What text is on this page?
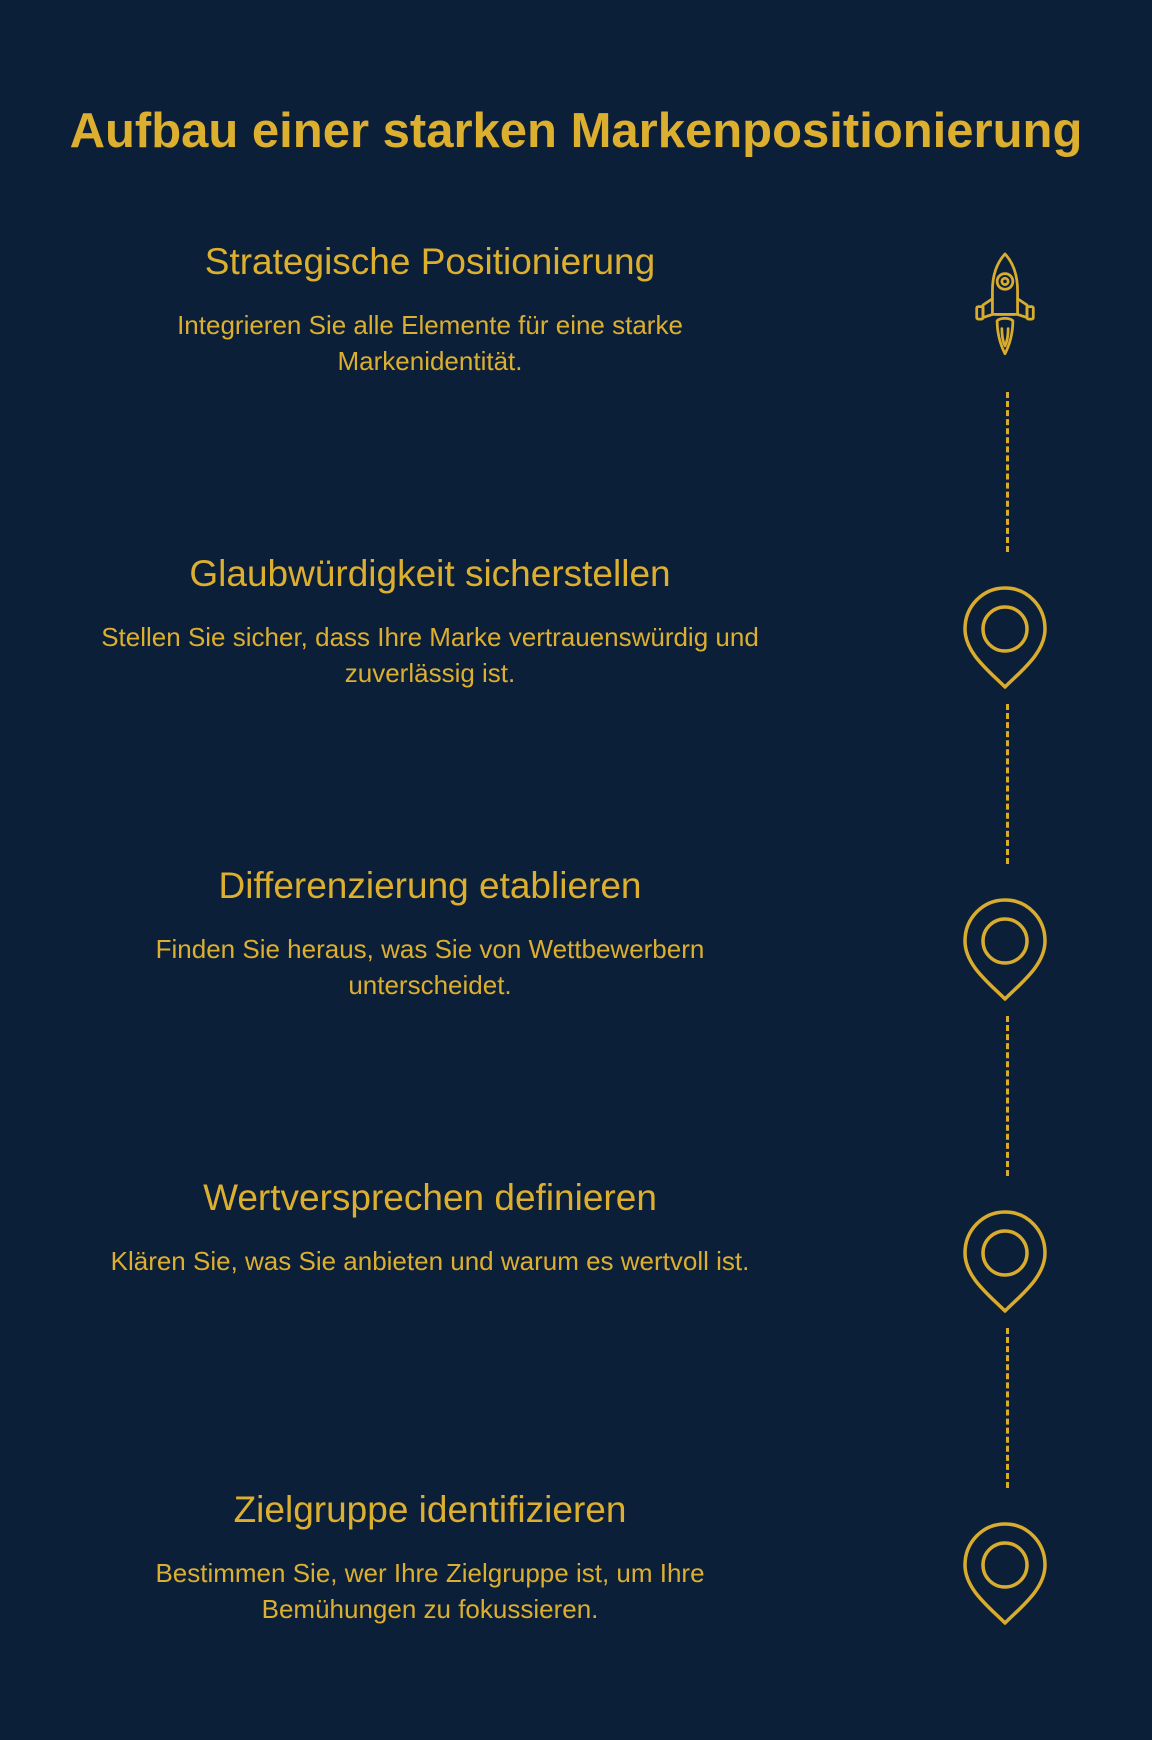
Aufbau einer starken Markenpositionierung
Strategische Positionierung

Integrieren Sie alle Elemente für eine starke Markenidentität.

Glaubwürdigkeit sicherstellen

Stellen Sie sicher, dass Ihre Marke vertrauenswürdig und zuverlässig ist.

Differenzierung etablieren

Finden Sie heraus, was Sie von Wettbewerbern unterscheidet.

Wertversprechen definieren

Klären Sie, was Sie anbieten und warum es wertvoll ist.

Zielgruppe identifizieren

Bestimmen Sie, wer Ihre Zielgruppe ist, um Ihre Bemühungen zu fokussieren.
